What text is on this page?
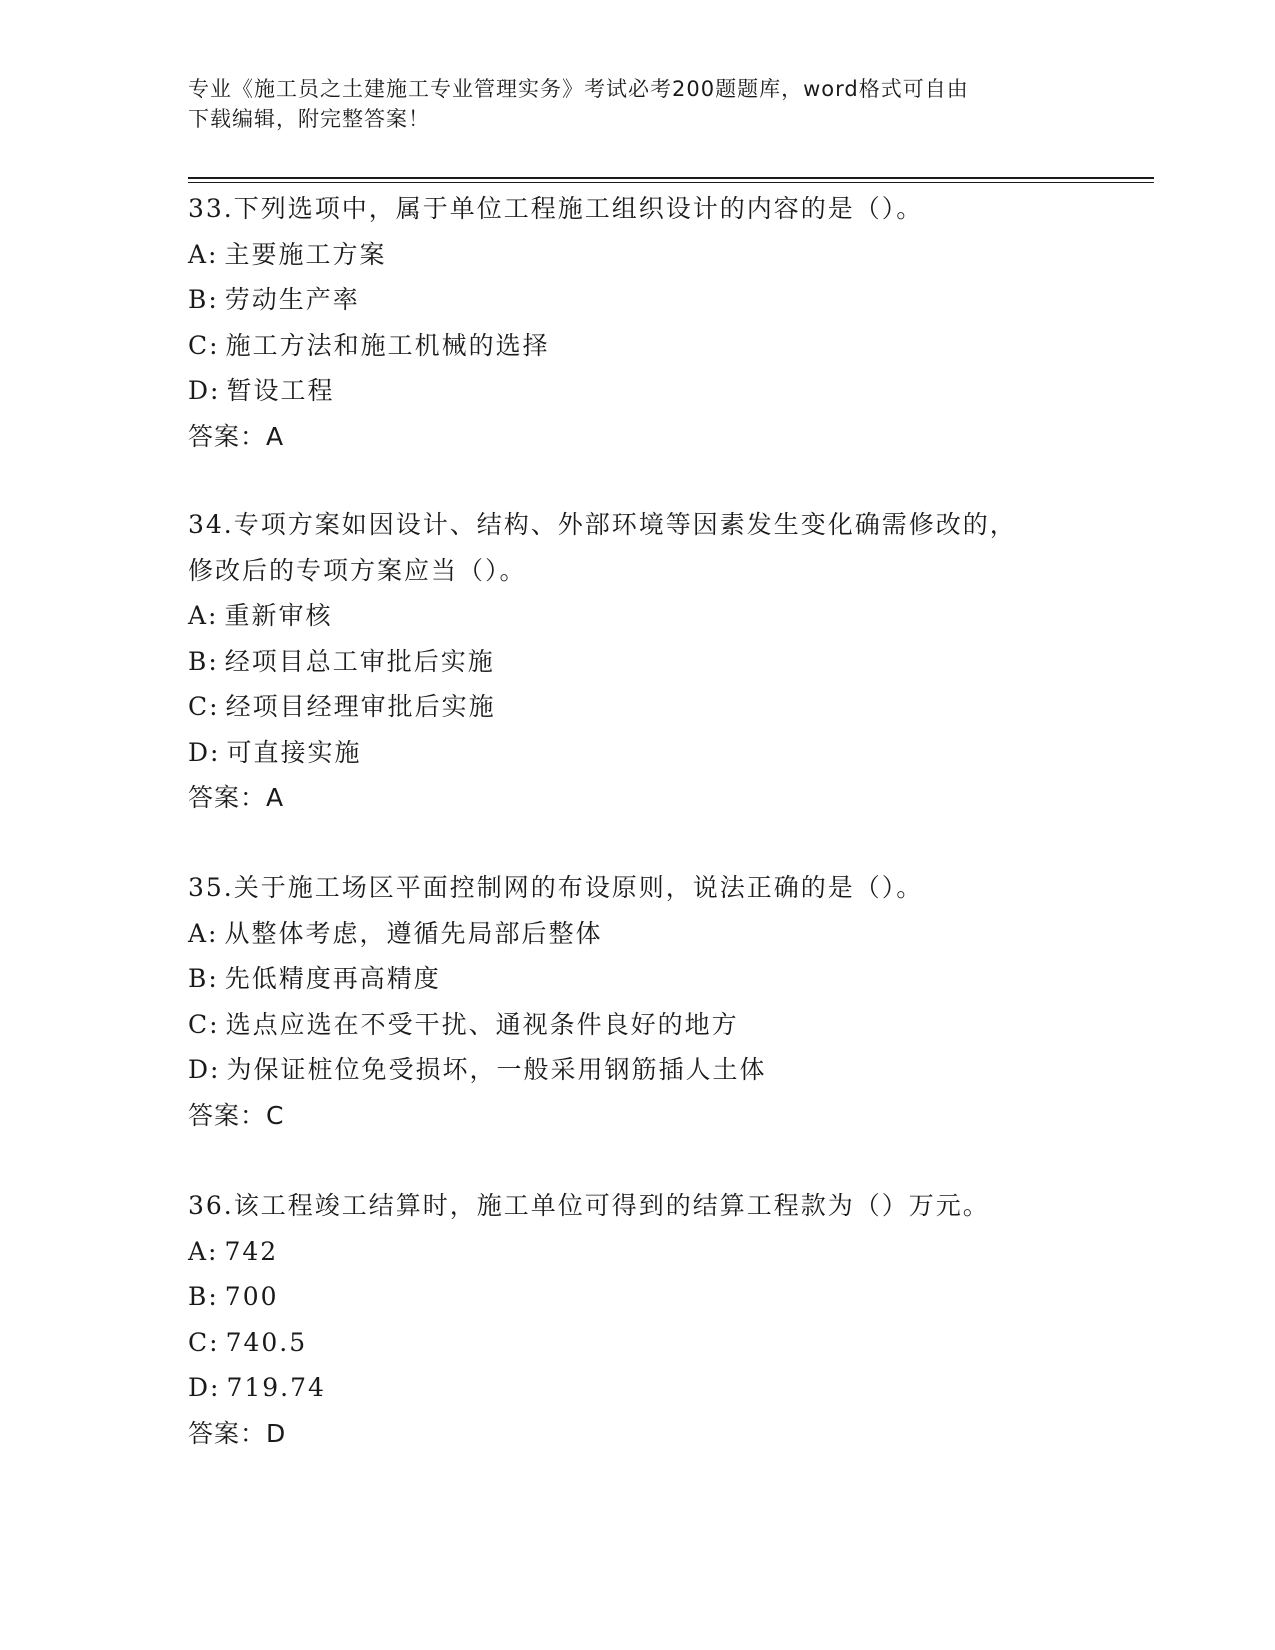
专业《施工员之土建施工专业管理实务》考试必考200题题库，word格式可自由
下载编辑，附完整答案！
33.下列选项中，属于单位工程施工组织设计的内容的是（）。
A: 主要施工方案
B: 劳动生产率
C: 施工方法和施工机械的选择
D: 暂设工程
答案：A
34.专项方案如因设计、结构、外部环境等因素发生变化确需修改的，
修改后的专项方案应当（）。
A: 重新审核
B: 经项目总工审批后实施
C: 经项目经理审批后实施
D: 可直接实施
答案：A
35.关于施工场区平面控制网的布设原则，说法正确的是（）。
A: 从整体考虑，遵循先局部后整体
B: 先低精度再高精度
C: 选点应选在不受干扰、通视条件良好的地方
D: 为保证桩位免受损坏，一般采用钢筋插人土体
答案：C
36.该工程竣工结算时，施工单位可得到的结算工程款为（）万元。
A: 742
B: 700
C: 740.5
D: 719.74
答案：D
